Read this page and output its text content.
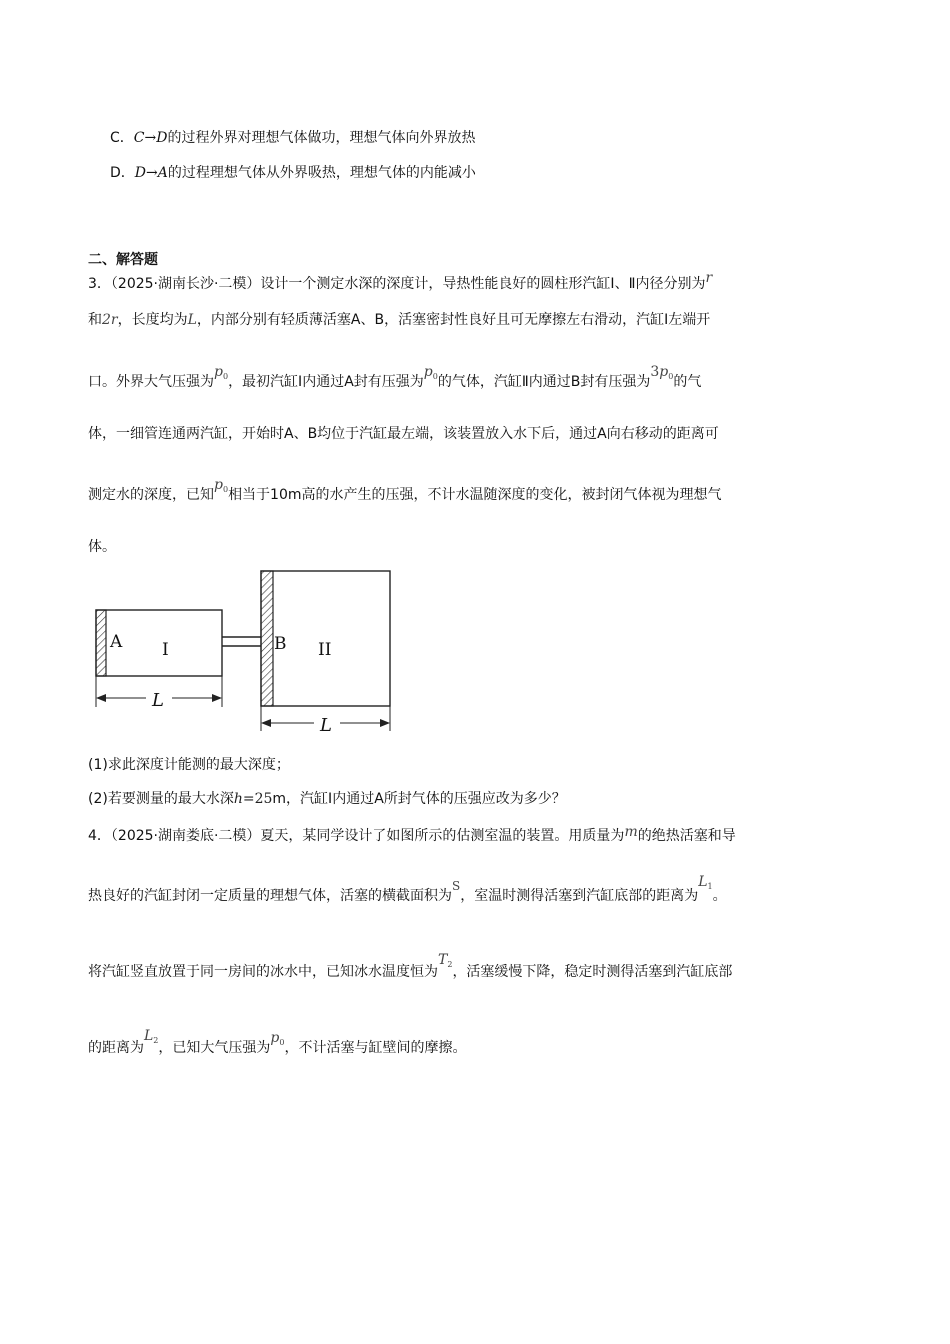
C．C→D的过程外界对理想气体做功，理想气体向外界放热
D．D→A的过程理想气体从外界吸热，理想气体的内能减小
二、解答题
3．（2025·湖南长沙·二模）设计一个测定水深的深度计，导热性能良好的圆柱形汽缸Ⅰ、Ⅱ内径分别为r
和2r，长度均为L，内部分别有轻质薄活塞A、B，活塞密封性良好且可无摩擦左右滑动，汽缸Ⅰ左端开
口。外界大气压强为$p_0$，最初汽缸Ⅰ内通过A封有压强为$p_0$的气体，汽缸Ⅱ内通过B封有压强为$3p_0$的气
体，一细管连通两汽缸，开始时A、B均位于汽缸最左端，该装置放入水下后，通过A向右移动的距离可
测定水的深度，已知$p_0$相当于10m高的水产生的压强，不计水温随深度的变化，被封闭气体视为理想气
体。
A I	B II
L
L
(1)求此深度计能测的最大深度；
(2)若要测量的最大水深h=25m，汽缸Ⅰ内通过A所封气体的压强应改为多少？
4．（2025·湖南娄底·二模）夏天，某同学设计了如图所示的估测室温的装置。用质量为m的绝热活塞和导
热良好的汽缸封闭一定质量的理想气体，活塞的横截面积为S，室温时测得活塞到汽缸底部的距离为$L_1$。
将汽缸竖直放置于同一房间的冰水中，已知冰水温度恒为$T_2$，活塞缓慢下降，稳定时测得活塞到汽缸底部
的距离为$L_2$，已知大气压强为$p_0$，不计活塞与缸壁间的摩擦。
